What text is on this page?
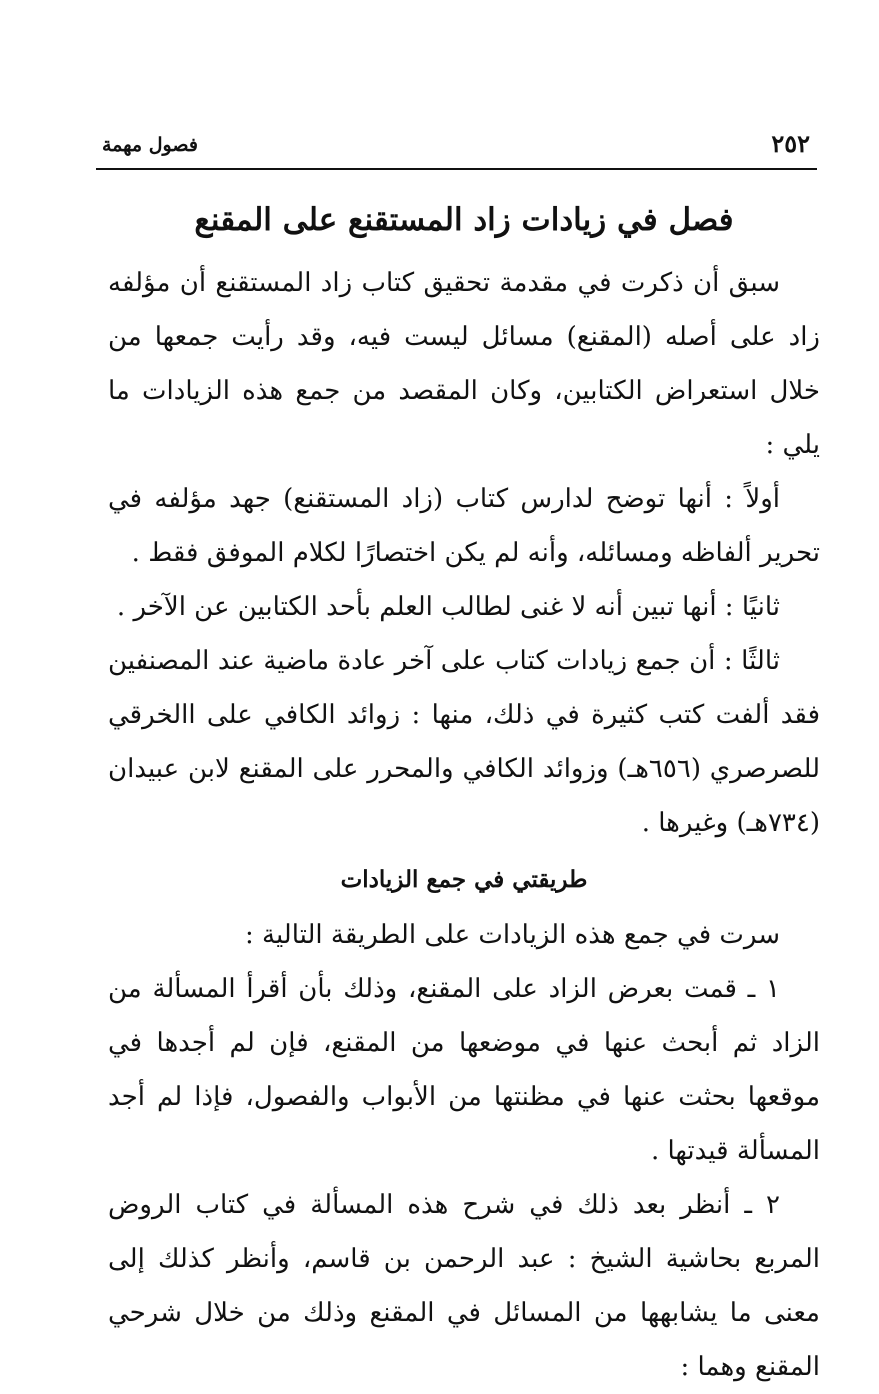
٢٥٢
فصول مهمة
فصل في زيادات زاد المستقنع على المقنع

سبق أن ذكرت في مقدمة تحقيق كتاب زاد المستقنع أن مؤلفه زاد على أصله (المقنع) مسائل ليست فيه، وقد رأيت جمعها من خلال استعراض الكتابين، وكان المقصد من جمع هذه الزيادات ما يلي :

أولاً : أنها توضح لدارس كتاب (زاد المستقنع) جهد مؤلفه في تحرير ألفاظه ومسائله، وأنه لم يكن اختصارًا لكلام الموفق فقط .

ثانيًا : أنها تبين أنه لا غنى لطالب العلم بأحد الكتابين عن الآخر .

ثالثًا : أن جمع زيادات كتاب على آخر عادة ماضية عند المصنفين فقد ألفت كتب كثيرة في ذلك، منها : زوائد الكافي على االخرقي للصرصري (٦٥٦هـ) وزوائد الكافي والمحرر على المقنع لابن عبيدان (٧٣٤هـ) وغيرها .

طريقتي في جمع الزيادات

سرت في جمع هذه الزيادات على الطريقة التالية :

١ ـ قمت بعرض الزاد على المقنع، وذلك بأن أقرأ المسألة من الزاد ثم أبحث عنها في موضعها من المقنع، فإن لم أجدها في موقعها بحثت عنها في مظنتها من الأبواب والفصول، فإذا لم أجد المسألة قيدتها .

٢ ـ أنظر بعد ذلك في شرح هذه المسألة في كتاب الروض المربع بحاشية الشيخ : عبد الرحمن بن قاسم، وأنظر كذلك إلى معنى ما يشابهها من المسائل في المقنع وذلك من خلال شرحي المقنع وهما :
